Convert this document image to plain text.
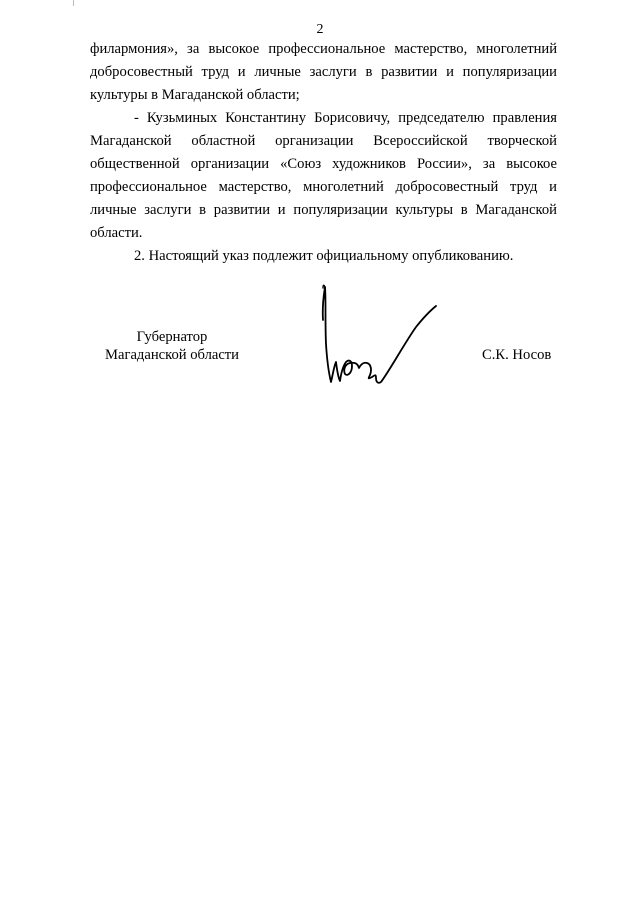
2

филармония», за высокое профессиональное мастерство, многолетний добросовестный труд и личные заслуги в развитии и популяризации культуры в Магаданской области;

- Кузьминых Константину Борисовичу, председателю правления Магаданской областной организации Всероссийской творческой общественной организации «Союз художников России», за высокое профессиональное мастерство, многолетний добросовестный труд и личные заслуги в развитии и популяризации культуры в Магаданской области.

2. Настоящий указ подлежит официальному опубликованию.

Губернатор
Магаданской области	С.К. Носов
